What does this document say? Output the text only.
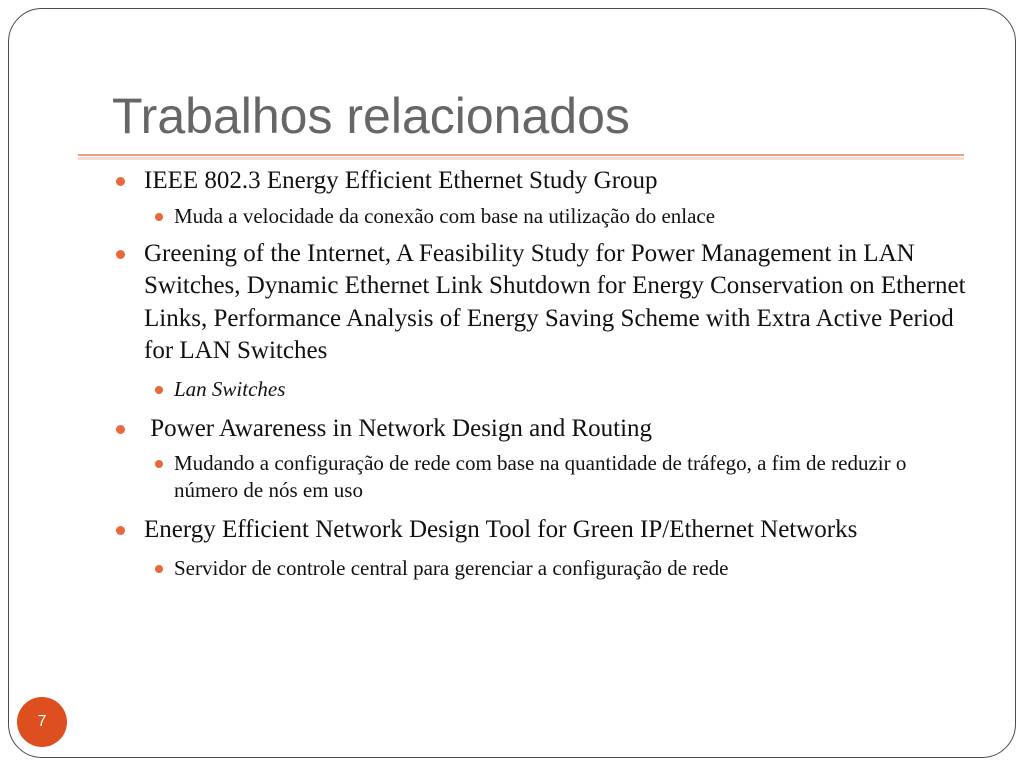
Trabalhos relacionados
IEEE 802.3 Energy Efficient Ethernet Study Group
Muda a velocidade da conexão com base na utilização do enlace
Greening of the Internet, A Feasibility Study for Power Management in LAN Switches, Dynamic Ethernet Link Shutdown for Energy Conservation on Ethernet Links, Performance Analysis of Energy Saving Scheme with Extra Active Period for LAN Switches
Lan Switches
Power Awareness in Network Design and Routing
Mudando a configuração de rede com base na quantidade de tráfego, a fim de reduzir o número de nós em uso
Energy Efficient Network Design Tool for Green IP/Ethernet Networks
Servidor de controle central para gerenciar a configuração de rede
7
